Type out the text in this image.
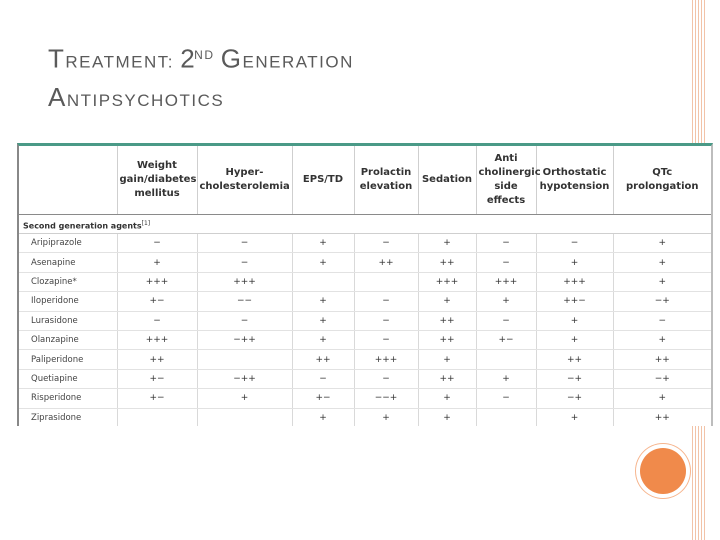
TREATMENT: 2ND GENERATION
ANTIPSYCHOTICS
	Weight gain/diabetes mellitus	Hyper-cholesterolemia	EPS/TD	Prolactin elevation	Sedation	Anti cholinergic side effects	Orthostatic hypotension	QTc prolongation
Second generation agents[1]
Aripiprazole	−	−	+	−	+	−	−	+
Asenapine	+	−	+	++	++	−	+	+
Clozapine*	+++	+++			+++	+++	+++	+
Iloperidone	+−	−−	+	−	+	+	++−	−+
Lurasidone	−	−	+	−	++	−	+	−
Olanzapine	+++	−++	+	−	++	+−	+	+
Paliperidone	++		++	+++	+		++	++
Quetiapine	+−	−++	−	−	++	+	−+	−+
Risperidone	+−	+	+−	−−+	+	−	−+	+
Ziprasidone			+	+	+		+	++
